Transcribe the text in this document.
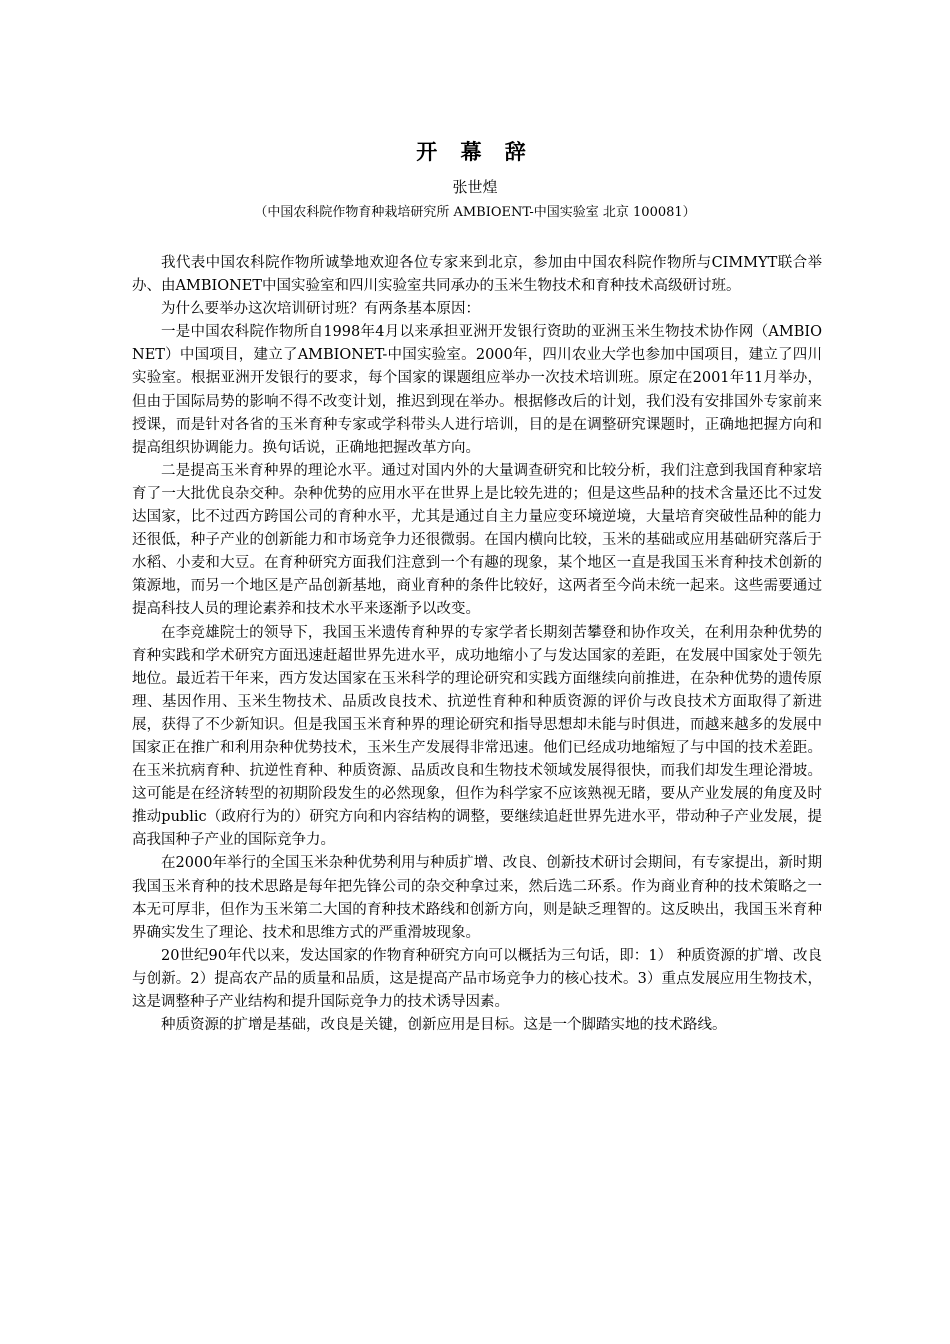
开 幕 辞
张世煌
（中国农科院作物育种栽培研究所 AMBIOENT-中国实验室 北京 100081）

我代表中国农科院作物所诚挚地欢迎各位专家来到北京，参加由中国农科院作物所与CIMMYT联合举办、由AMBIONET中国实验室和四川实验室共同承办的玉米生物技术和育种技术高级研讨班。

为什么要举办这次培训研讨班？有两条基本原因：

一是中国农科院作物所自1998年4月以来承担亚洲开发银行资助的亚洲玉米生物技术协作网（AMBIONET）中国项目，建立了AMBIONET-中国实验室。2000年，四川农业大学也参加中国项目，建立了四川实验室。根据亚洲开发银行的要求，每个国家的课题组应举办一次技术培训班。原定在2001年11月举办，但由于国际局势的影响不得不改变计划，推迟到现在举办。根据修改后的计划，我们没有安排国外专家前来授课，而是针对各省的玉米育种专家或学科带头人进行培训，目的是在调整研究课题时，正确地把握方向和提高组织协调能力。换句话说，正确地把握改革方向。

二是提高玉米育种界的理论水平。通过对国内外的大量调查研究和比较分析，我们注意到我国育种家培育了一大批优良杂交种。杂种优势的应用水平在世界上是比较先进的；但是这些品种的技术含量还比不过发达国家，比不过西方跨国公司的育种水平，尤其是通过自主力量应变环境逆境，大量培育突破性品种的能力还很低，种子产业的创新能力和市场竞争力还很微弱。在国内横向比较，玉米的基础或应用基础研究落后于水稻、小麦和大豆。在育种研究方面我们注意到一个有趣的现象，某个地区一直是我国玉米育种技术创新的策源地，而另一个地区是产品创新基地，商业育种的条件比较好，这两者至今尚未统一起来。这些需要通过提高科技人员的理论素养和技术水平来逐渐予以改变。

在李竞雄院士的领导下，我国玉米遗传育种界的专家学者长期刻苦攀登和协作攻关，在利用杂种优势的育种实践和学术研究方面迅速赶超世界先进水平，成功地缩小了与发达国家的差距，在发展中国家处于领先地位。最近若干年来，西方发达国家在玉米科学的理论研究和实践方面继续向前推进，在杂种优势的遗传原理、基因作用、玉米生物技术、品质改良技术、抗逆性育种和种质资源的评价与改良技术方面取得了新进展，获得了不少新知识。但是我国玉米育种界的理论研究和指导思想却未能与时俱进，而越来越多的发展中国家正在推广和利用杂种优势技术，玉米生产发展得非常迅速。他们已经成功地缩短了与中国的技术差距。在玉米抗病育种、抗逆性育种、种质资源、品质改良和生物技术领域发展得很快，而我们却发生理论滑坡。这可能是在经济转型的初期阶段发生的必然现象，但作为科学家不应该熟视无睹，要从产业发展的角度及时推动public（政府行为的）研究方向和内容结构的调整，要继续追赶世界先进水平，带动种子产业发展，提高我国种子产业的国际竞争力。

在2000年举行的全国玉米杂种优势利用与种质扩增、改良、创新技术研讨会期间，有专家提出，新时期我国玉米育种的技术思路是每年把先锋公司的杂交种拿过来，然后选二环系。作为商业育种的技术策略之一本无可厚非，但作为玉米第二大国的育种技术路线和创新方向，则是缺乏理智的。这反映出，我国玉米育种界确实发生了理论、技术和思维方式的严重滑坡现象。

20世纪90年代以来，发达国家的作物育种研究方向可以概括为三句话，即：1） 种质资源的扩增、改良与创新。2）提高农产品的质量和品质，这是提高产品市场竞争力的核心技术。3）重点发展应用生物技术，这是调整种子产业结构和提升国际竞争力的技术诱导因素。

种质资源的扩增是基础，改良是关键，创新应用是目标。这是一个脚踏实地的技术路线。
